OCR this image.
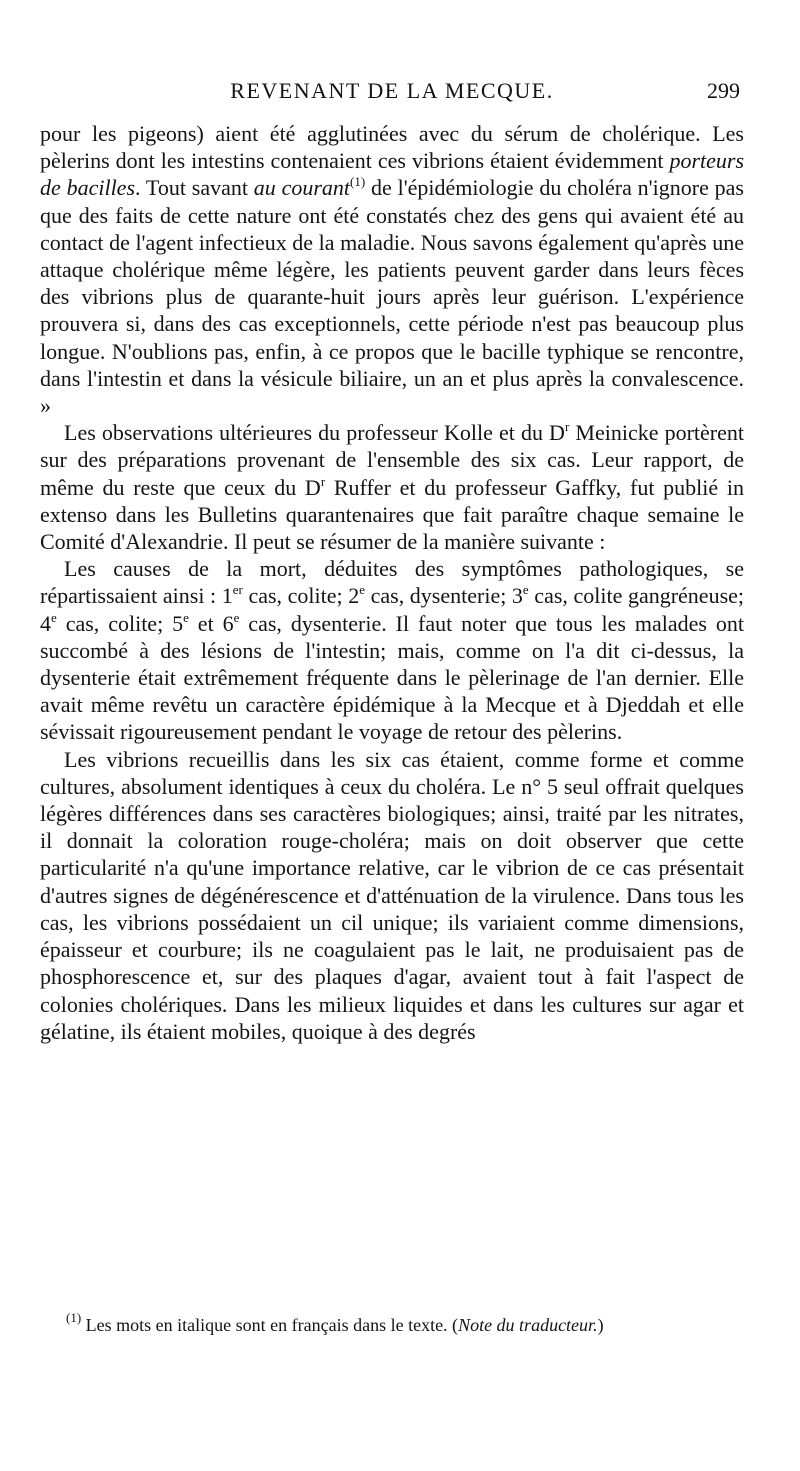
REVENANT DE LA MECQUE.	299

pour les pigeons) aient été agglutinées avec du sérum de cholérique. Les pèlerins dont les intestins contenaient ces vibrions étaient évidemment porteurs de bacilles. Tout savant au courant$^{(1)}$ de l'épidémiologie du choléra n'ignore pas que des faits de cette nature ont été constatés chez des gens qui avaient été au contact de l'agent infectieux de la maladie. Nous savons également qu'après une attaque cholérique même légère, les patients peuvent garder dans leurs fèces des vibrions plus de quarante-huit jours après leur guérison. L'expérience prouvera si, dans des cas exceptionnels, cette période n'est pas beaucoup plus longue. N'oublions pas, enfin, à ce propos que le bacille typhique se rencontre, dans l'intestin et dans la vésicule biliaire, un an et plus après la convalescence. »

Les observations ultérieures du professeur Kolle et du $D^r$ Meinicke portèrent sur des préparations provenant de l'ensemble des six cas. Leur rapport, de même du reste que ceux du $D^r$ Ruffer et du professeur Gaffky, fut publié in extenso dans les Bulletins quarantenaires que fait paraître chaque semaine le Comité d'Alexandrie. Il peut se résumer de la manière suivante :

Les causes de la mort, déduites des symptômes pathologiques, se répartissaient ainsi : 1er cas, colite; 2e cas, dysenterie; 3e cas, colite gangréneuse; 4e cas, colite; 5e et 6e cas, dysenterie. Il faut noter que tous les malades ont succombé à des lésions de l'intestin; mais, comme on l'a dit ci-dessus, la dysenterie était extrêmement fréquente dans le pèlerinage de l'an dernier. Elle avait même revêtu un caractère épidémique à la Mecque et à Djeddah et elle sévissait rigoureusement pendant le voyage de retour des pèlerins.

Les vibrions recueillis dans les six cas étaient, comme forme et comme cultures, absolument identiques à ceux du choléra. Le n° 5 seul offrait quelques légères différences dans ses caractères biologiques; ainsi, traité par les nitrates, il donnait la coloration rouge-choléra; mais on doit observer que cette particularité n'a qu'une importance relative, car le vibrion de ce cas présentait d'autres signes de dégénérescence et d'atténuation de la virulence. Dans tous les cas, les vibrions possédaient un cil unique; ils variaient comme dimensions, épaisseur et courbure; ils ne coagulaient pas le lait, ne produisaient pas de phosphorescence et, sur des plaques d'agar, avaient tout à fait l'aspect de colonies cholériques. Dans les milieux liquides et dans les cultures sur agar et gélatine, ils étaient mobiles, quoique à des degrés

$^{(1)}$ Les mots en italique sont en français dans le texte. (Note du traducteur.)
